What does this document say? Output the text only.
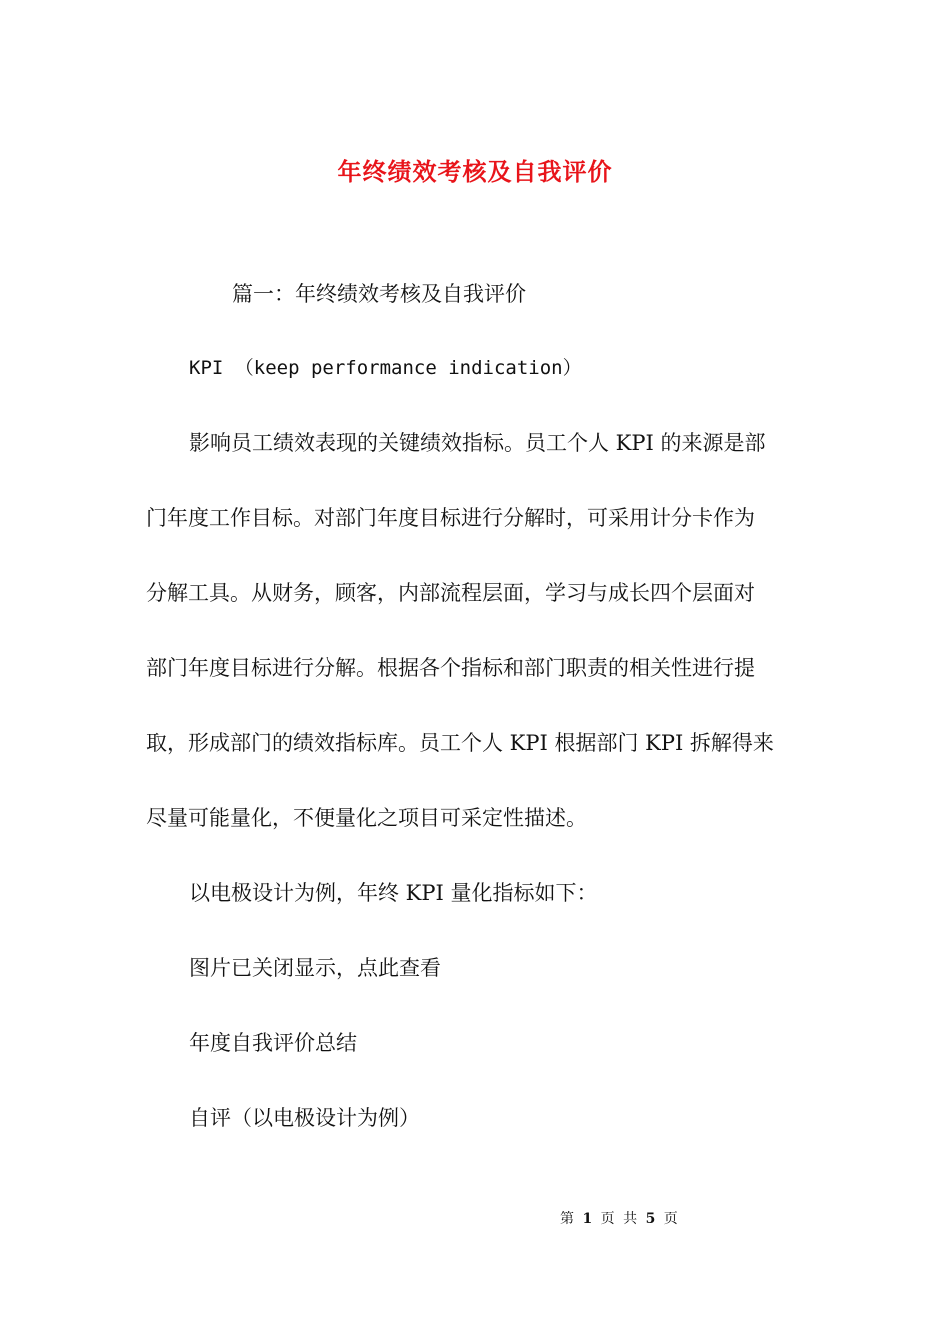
年终绩效考核及自我评价
篇一：年终绩效考核及自我评价
KPI （keep performance indication）
影响员工绩效表现的关键绩效指标。员工个人 KPI 的来源是部
门年度工作目标。对部门年度目标进行分解时，可采用计分卡作为
分解工具。从财务，顾客，内部流程层面，学习与成长四个层面对
部门年度目标进行分解。根据各个指标和部门职责的相关性进行提
取，形成部门的绩效指标库。员工个人 KPI 根据部门 KPI 拆解得来
尽量可能量化，不便量化之项目可采定性描述。
以电极设计为例，年终 KPI 量化指标如下：
图片已关闭显示，点此查看
年度自我评价总结
自评（以电极设计为例）
第 1 页 共 5 页
